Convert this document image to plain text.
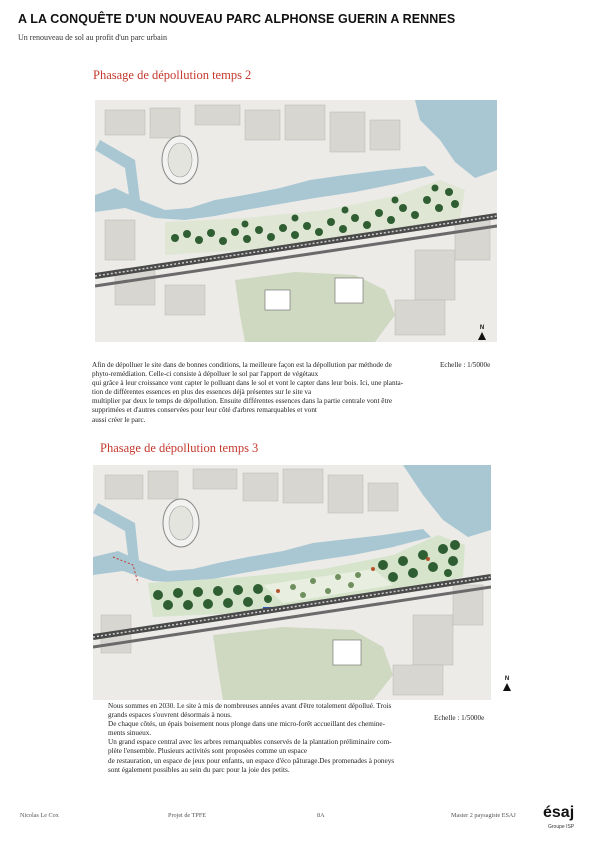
A LA CONQUÊTE D'UN NOUVEAU PARC ALPHONSE GUERIN A RENNES
Un renouveau de sol au profit d'un parc urbain
Phasage de dépollution temps 2
N

Afin de dépolluer le site dans de bonnes conditions, la meilleure façon est la dépollution par méthode de

phyto-remédiation. Celle-ci consiste à dépolluer le sol par l'apport de végétaux

qui grâce à leur croissance vont capter le polluant dans le sol et vont le capter dans leur bois. Ici, une planta-

tion de différentes essences en plus des essences déjà présentes sur le site va

multiplier par deux le temps de dépollution. Ensuite différentes essences dans la partie centrale vont être

supprimées et d'autres conservées pour leur côté d'arbres remarquables et vont

aussi créer le parc.

Echelle : 1/5000e
Phasage de dépollution temps 3
N

Nous sommes en 2030. Le site à mis de nombreuses années avant d'être totalement dépollué. Trois

grands espaces s'ouvrent désormais à nous.

De chaque côtés, un épais boisement nous plonge dans une micro-forêt accueillant des chemine-

ments sinueux.

Un grand espace central avec les arbres remarquables conservés de la plantation préliminaire com-

plète l'ensemble. Plusieurs activités sont proposées comme un espace

de restauration, un espace de jeux pour enfants, un espace d'éco pâturage.Des promenades à poneys

sont également possibles au sein du parc pour la joie des petits.

Echelle : 1/5000e
Nicolas Le Cox	Projet de TPFE	8A	Master 2 paysagiste ESAJ ésaj
Groupe ISP
